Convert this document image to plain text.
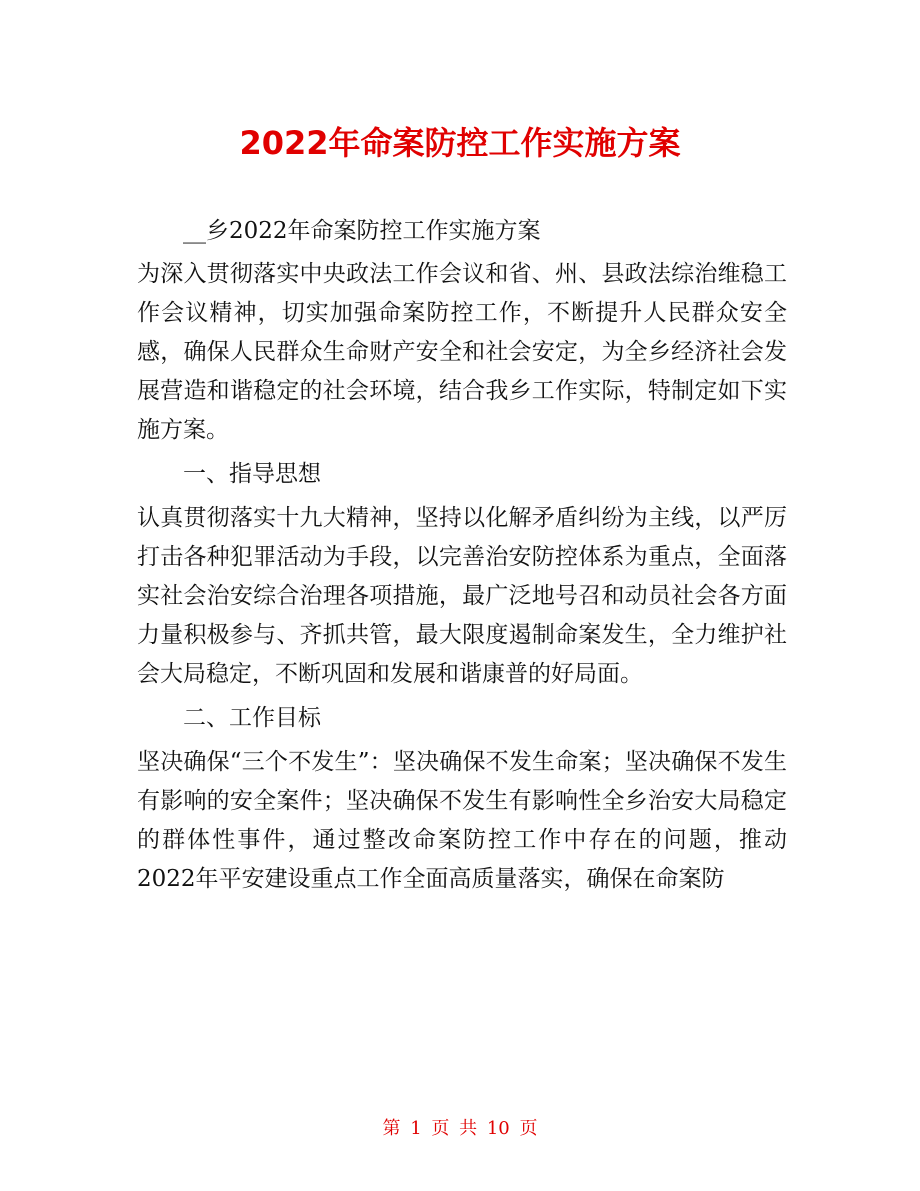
2022年命案防控工作实施方案

__乡2022年命案防控工作实施方案

为深入贯彻落实中央政法工作会议和省、州、县政法综治维稳工作会议精神，切实加强命案防控工作，不断提升人民群众安全感，确保人民群众生命财产安全和社会安定，为全乡经济社会发展营造和谐稳定的社会环境，结合我乡工作实际，特制定如下实施方案。

一、指导思想

认真贯彻落实十九大精神，坚持以化解矛盾纠纷为主线，以严厉打击各种犯罪活动为手段，以完善治安防控体系为重点，全面落实社会治安综合治理各项措施，最广泛地号召和动员社会各方面力量积极参与、齐抓共管，最大限度遏制命案发生，全力维护社会大局稳定，不断巩固和发展和谐康普的好局面。

二、工作目标

坚决确保“三个不发生”：坚决确保不发生命案；坚决确保不发生有影响的安全案件；坚决确保不发生有影响性全乡治安大局稳定的群体性事件，通过整改命案防控工作中存在的问题，推动2022年平安建设重点工作全面高质量落实，确保在命案防

第 1 页 共 10 页
